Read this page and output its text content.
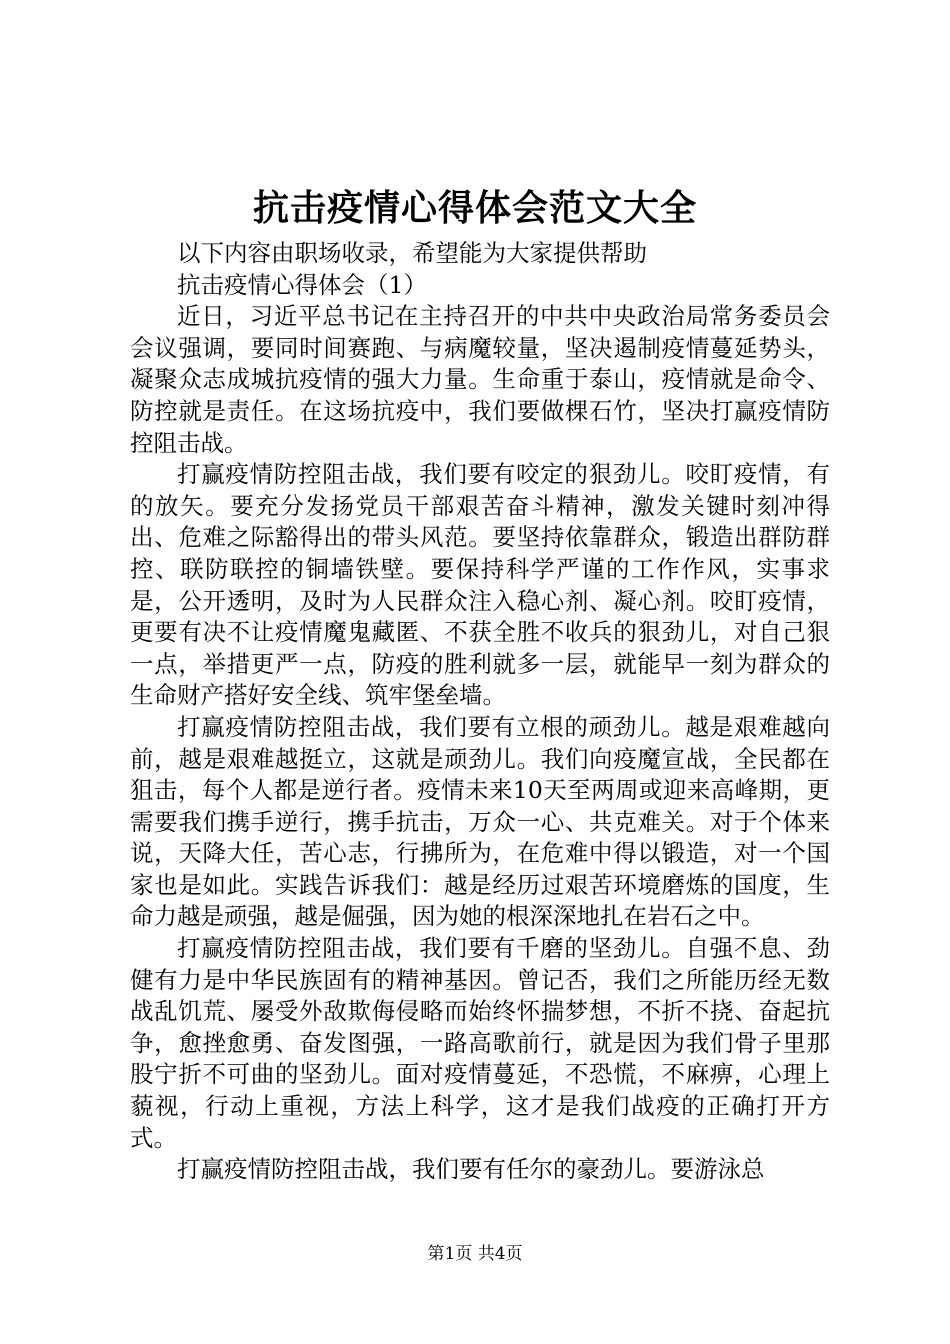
抗击疫情心得体会范文大全

以下内容由职场收录，希望能为大家提供帮助

抗击疫情心得体会（1）

近日，习近平总书记在主持召开的中共中央政治局常务委员会会议强调，要同时间赛跑、与病魔较量，坚决遏制疫情蔓延势头，凝聚众志成城抗疫情的强大力量。生命重于泰山，疫情就是命令、防控就是责任。在这场抗疫中，我们要做棵石竹，坚决打赢疫情防控阻击战。

打赢疫情防控阻击战，我们要有咬定的狠劲儿。咬盯疫情，有的放矢。要充分发扬党员干部艰苦奋斗精神，激发关键时刻冲得出、危难之际豁得出的带头风范。要坚持依靠群众，锻造出群防群控、联防联控的铜墙铁壁。要保持科学严谨的工作作风，实事求是，公开透明，及时为人民群众注入稳心剂、凝心剂。咬盯疫情，更要有决不让疫情魔鬼藏匿、不获全胜不收兵的狠劲儿，对自己狠一点，举措更严一点，防疫的胜利就多一层，就能早一刻为群众的生命财产搭好安全线、筑牢堡垒墙。

打赢疫情防控阻击战，我们要有立根的顽劲儿。越是艰难越向前，越是艰难越挺立，这就是顽劲儿。我们向疫魔宣战，全民都在狙击，每个人都是逆行者。疫情未来10天至两周或迎来高峰期，更需要我们携手逆行，携手抗击，万众一心、共克难关。对于个体来说，天降大任，苦心志，行拂所为，在危难中得以锻造，对一个国家也是如此。实践告诉我们：越是经历过艰苦环境磨炼的国度，生命力越是顽强，越是倔强，因为她的根深深地扎在岩石之中。

打赢疫情防控阻击战，我们要有千磨的坚劲儿。自强不息、劲健有力是中华民族固有的精神基因。曾记否，我们之所能历经无数战乱饥荒、屡受外敌欺侮侵略而始终怀揣梦想，不折不挠、奋起抗争，愈挫愈勇、奋发图强，一路高歌前行，就是因为我们骨子里那股宁折不可曲的坚劲儿。面对疫情蔓延，不恐慌，不麻痹，心理上藐视，行动上重视，方法上科学，这才是我们战疫的正确打开方式。

打赢疫情防控阻击战，我们要有任尔的豪劲儿。要游泳总

第1页 共4页
